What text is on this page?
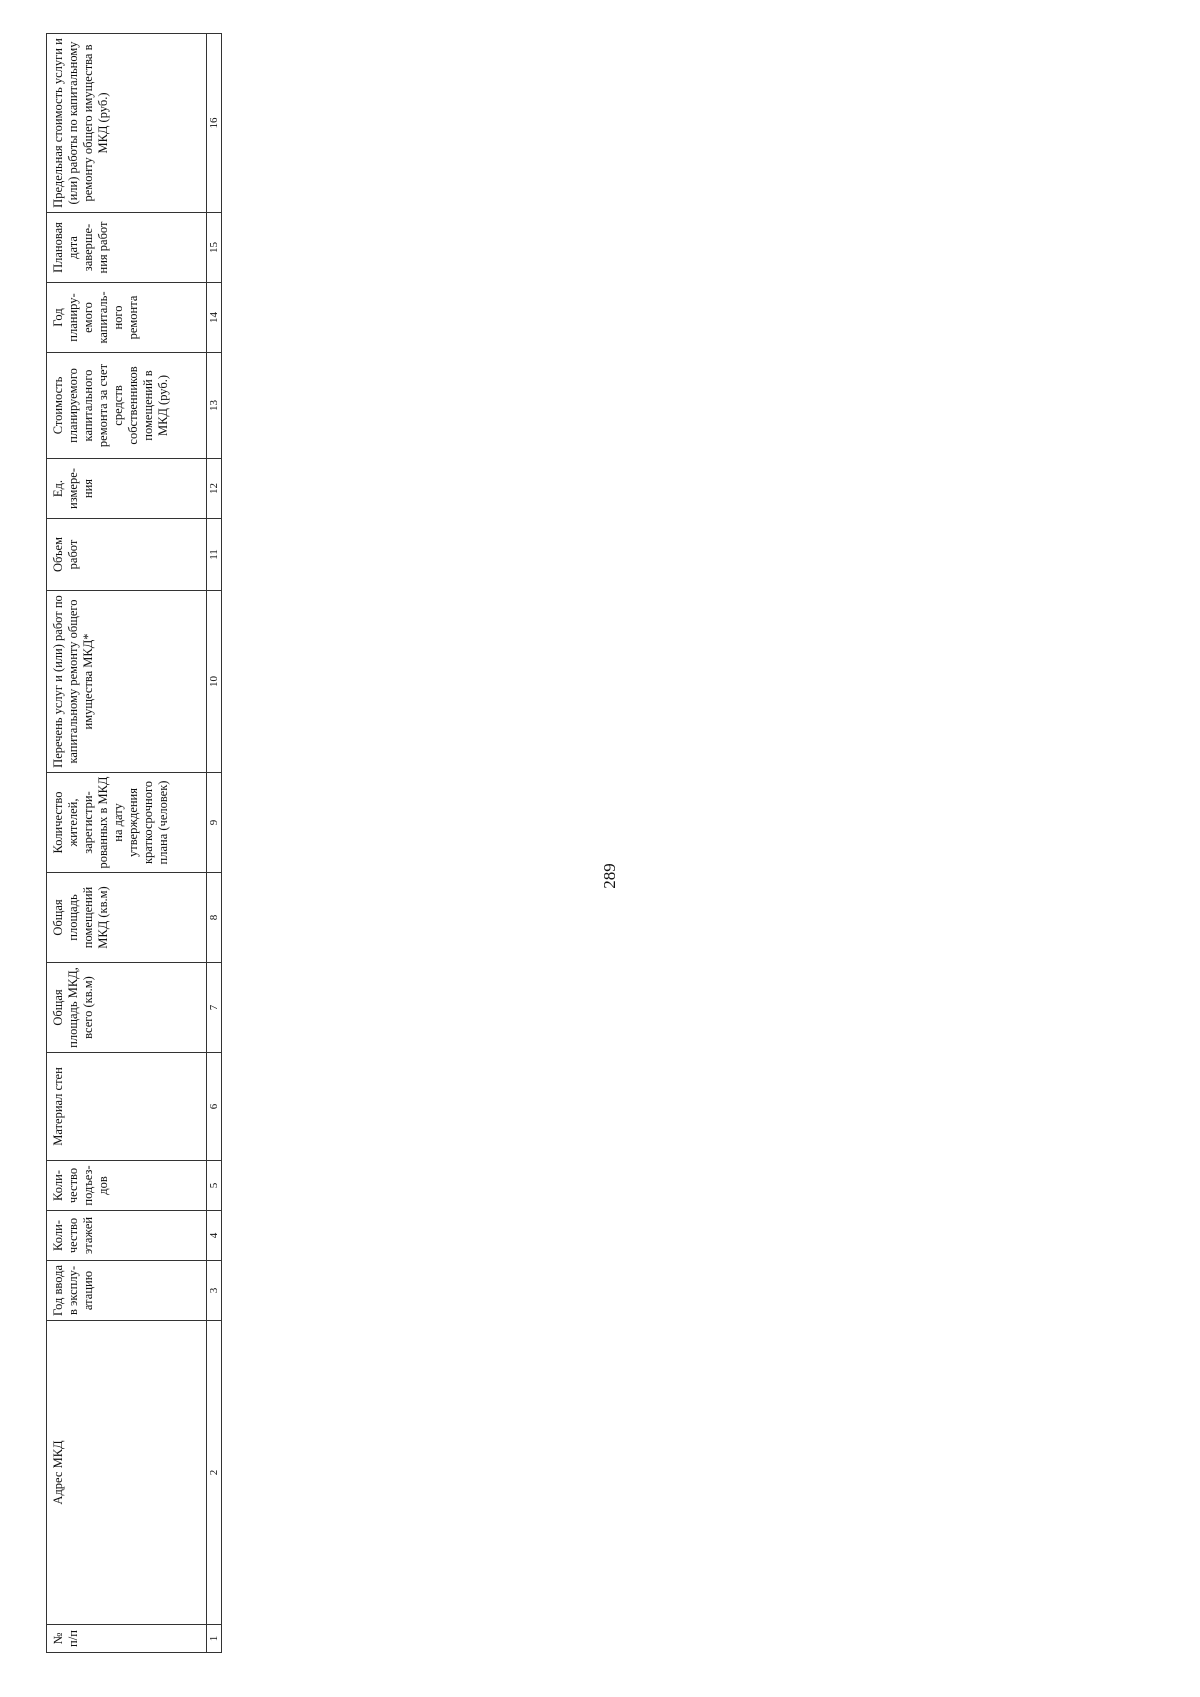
289
№ п/п
Адрес МКД
Год ввода в эксплу-атацию
Коли-чество этажей
Коли-чество подъез-дов
Материал стен
Общая площадь МКД, всего (кв.м)
Общая площадь помещений МКД (кв.м)
Количество жителей, зарегистри-рованных в МКД на дату утверждения краткосрочного плана (человек)
Перечень услуг и (или) работ по капитальному ремонту общего имущества МКД*
Объем работ
Ед. измере-ния
Стоимость планируемого капитального ремонта за счет средств собственников помещений в МКД (руб.)
Год планиру-емого капиталь-ного ремонта
Плановая дата заверше-ния работ
Предельная стоимость услуги и (или) работы по капитальному ремонту общего имущества в МКД (руб.)
1
2
3
4
5
6
7
8
9
10
11
12
13
14
15
16
